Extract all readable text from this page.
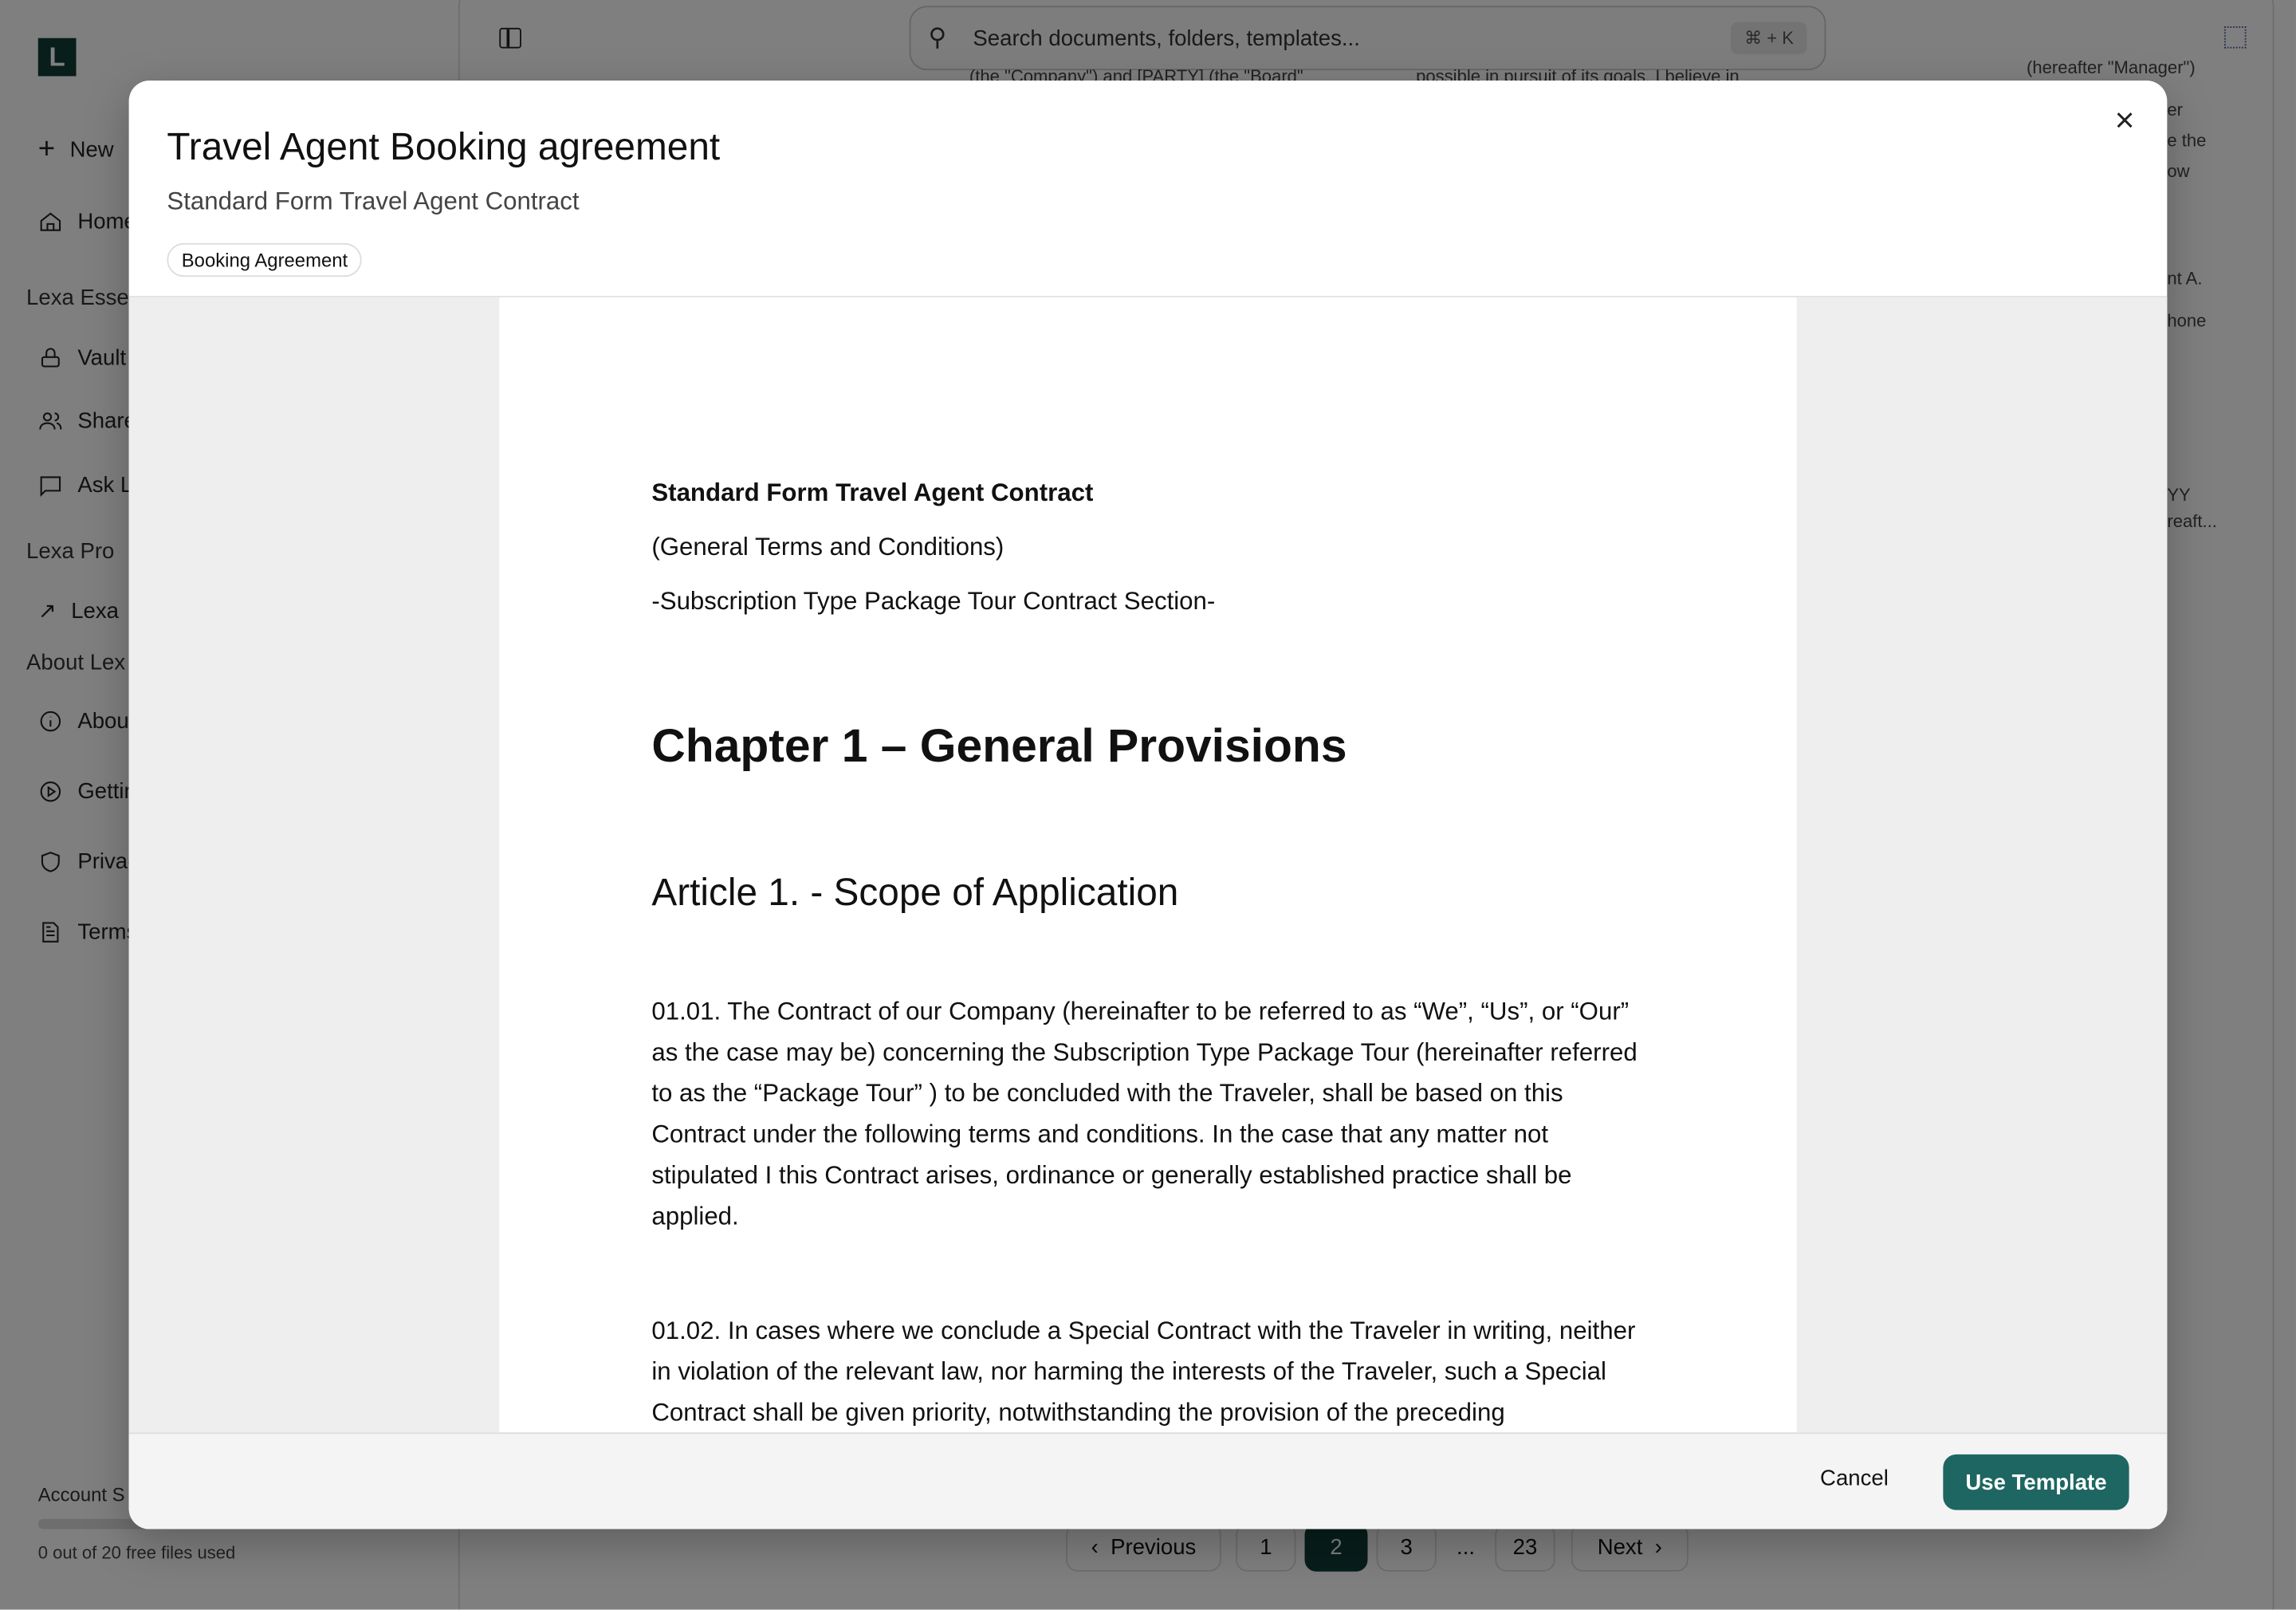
Travel Agent Booking agreement
Standard Form Travel Agent Contract
Booking Agreement

Standard Form Travel Agent Contract

(General Terms and Conditions)

-Subscription Type Package Tour Contract Section-

Chapter 1 – General Provisions
Article 1. - Scope of Application

01.01. The Contract of our Company (hereinafter to be referred to as “We”, “Us”, or “Our” as the case may be) concerning the Subscription Type Package Tour (hereinafter referred to as the “Package Tour” ) to be concluded with the Traveler, shall be based on this Contract under the following terms and conditions. In the case that any matter not stipulated I this Contract arises, ordinance or generally established practice shall be applied.

01.02. In cases where we conclude a Special Contract with the Traveler in writing, neither in violation of the relevant law, nor harming the interests of the Traveler, such a Special Contract shall be given priority, notwithstanding the provision of the preceding

Cancel	Use Template
